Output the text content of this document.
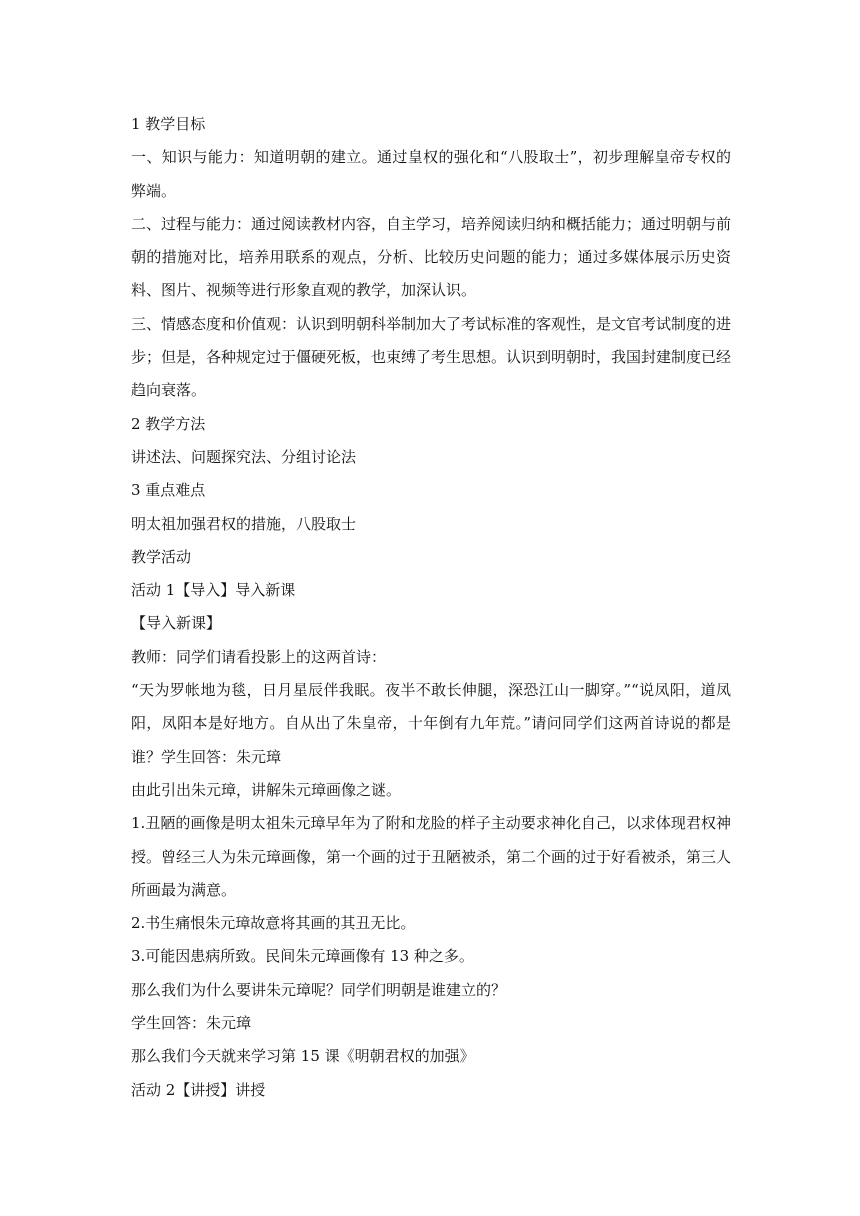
1 教学目标

一、知识与能力：知道明朝的建立。通过皇权的强化和“八股取士”，初步理解皇帝专权的弊端。

二、过程与能力：通过阅读教材内容，自主学习，培养阅读归纳和概括能力；通过明朝与前朝的措施对比，培养用联系的观点，分析、比较历史问题的能力；通过多媒体展示历史资料、图片、视频等进行形象直观的教学，加深认识。

三、情感态度和价值观：认识到明朝科举制加大了考试标准的客观性，是文官考试制度的进步；但是，各种规定过于僵硬死板，也束缚了考生思想。认识到明朝时，我国封建制度已经趋向衰落。

2 教学方法

讲述法、问题探究法、分组讨论法

3 重点难点

明太祖加强君权的措施，八股取士

教学活动

活动 1【导入】导入新课

【导入新课】

教师：同学们请看投影上的这两首诗：

“天为罗帐地为毯，日月星辰伴我眠。夜半不敢长伸腿，深恐江山一脚穿。”“说凤阳，道凤阳，凤阳本是好地方。自从出了朱皇帝，十年倒有九年荒。”请问同学们这两首诗说的都是谁？学生回答：朱元璋

由此引出朱元璋，讲解朱元璋画像之谜。

1.丑陋的画像是明太祖朱元璋早年为了附和龙脸的样子主动要求神化自己，以求体现君权神授。曾经三人为朱元璋画像，第一个画的过于丑陋被杀，第二个画的过于好看被杀，第三人所画最为满意。

2.书生痛恨朱元璋故意将其画的其丑无比。

3.可能因患病所致。民间朱元璋画像有 13 种之多。

那么我们为什么要讲朱元璋呢？同学们明朝是谁建立的？

学生回答：朱元璋

那么我们今天就来学习第 15 课《明朝君权的加强》

活动 2【讲授】讲授
